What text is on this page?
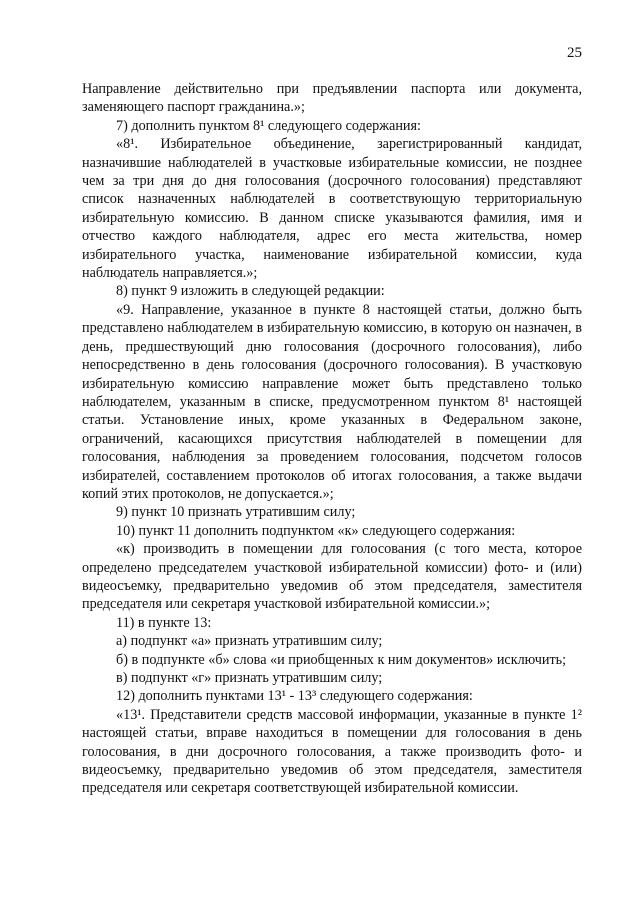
25

Направление действительно при предъявлении паспорта или документа, заменяющего паспорт гражданина.»;

7) дополнить пунктом 8¹ следующего содержания:

«8¹. Избирательное объединение, зарегистрированный кандидат, назначившие наблюдателей в участковые избирательные комиссии, не позднее чем за три дня до дня голосования (досрочного голосования) представляют список назначенных наблюдателей в соответствующую территориальную избирательную комиссию. В данном списке указываются фамилия, имя и отчество каждого наблюдателя, адрес его места жительства, номер избирательного участка, наименование избирательной комиссии, куда наблюдатель направляется.»;

8) пункт 9 изложить в следующей редакции:

«9. Направление, указанное в пункте 8 настоящей статьи, должно быть представлено наблюдателем в избирательную комиссию, в которую он назначен, в день, предшествующий дню голосования (досрочного голосования), либо непосредственно в день голосования (досрочного голосования). В участковую избирательную комиссию направление может быть представлено только наблюдателем, указанным в списке, предусмотренном пунктом 8¹ настоящей статьи. Установление иных, кроме указанных в Федеральном законе, ограничений, касающихся присутствия наблюдателей в помещении для голосования, наблюдения за проведением голосования, подсчетом голосов избирателей, составлением протоколов об итогах голосования, а также выдачи копий этих протоколов, не допускается.»;

9) пункт 10 признать утратившим силу;

10) пункт 11 дополнить подпунктом «к» следующего содержания:

«к) производить в помещении для голосования (с того места, которое определено председателем участковой избирательной комиссии) фото- и (или) видеосъемку, предварительно уведомив об этом председателя, заместителя председателя или секретаря участковой избирательной комиссии.»;

11) в пункте 13:

а) подпункт «а» признать утратившим силу;

б) в подпункте «б» слова «и приобщенных к ним документов» исключить;

в) подпункт «г» признать утратившим силу;

12) дополнить пунктами 13¹ - 13³ следующего содержания:

«13¹. Представители средств массовой информации, указанные в пункте 1² настоящей статьи, вправе находиться в помещении для голосования в день голосования, в дни досрочного голосования, а также производить фото- и видеосъемку, предварительно уведомив об этом председателя, заместителя председателя или секретаря соответствующей избирательной комиссии.
